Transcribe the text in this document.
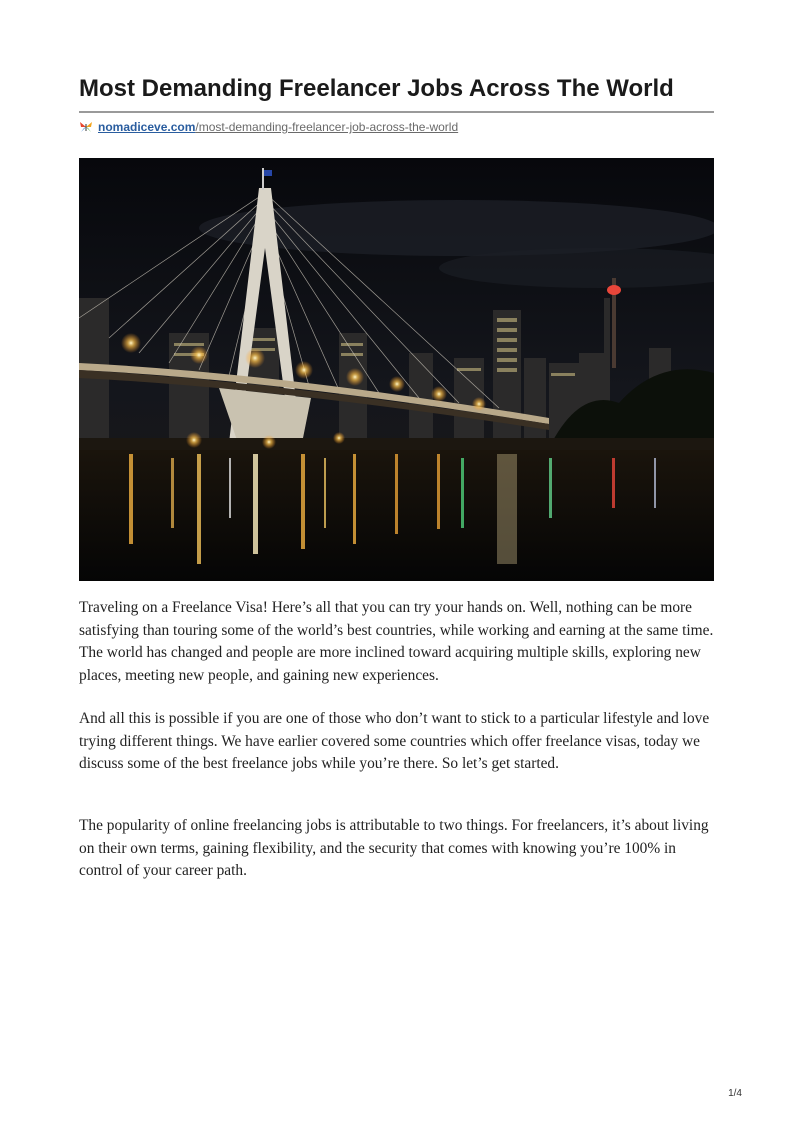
Most Demanding Freelancer Jobs Across The World
nomadiceve.com /most-demanding-freelancer-job-across-the-world

Traveling on a Freelance Visa! Here’s all that you can try your hands on. Well, nothing can be more satisfying than touring some of the world’s best countries, while working and earning at the same time. The world has changed and people are more inclined toward acquiring multiple skills, exploring new places, meeting new people, and gaining new experiences.

And all this is possible if you are one of those who don’t want to stick to a particular lifestyle and love trying different things. We have earlier covered some countries which offer freelance visas, today we discuss some of the best freelance jobs while you’re there. So let’s get started.

The popularity of online freelancing jobs is attributable to two things. For freelancers, it’s about living on their own terms, gaining flexibility, and the security that comes with knowing you’re 100% in control of your career path.

1/4
